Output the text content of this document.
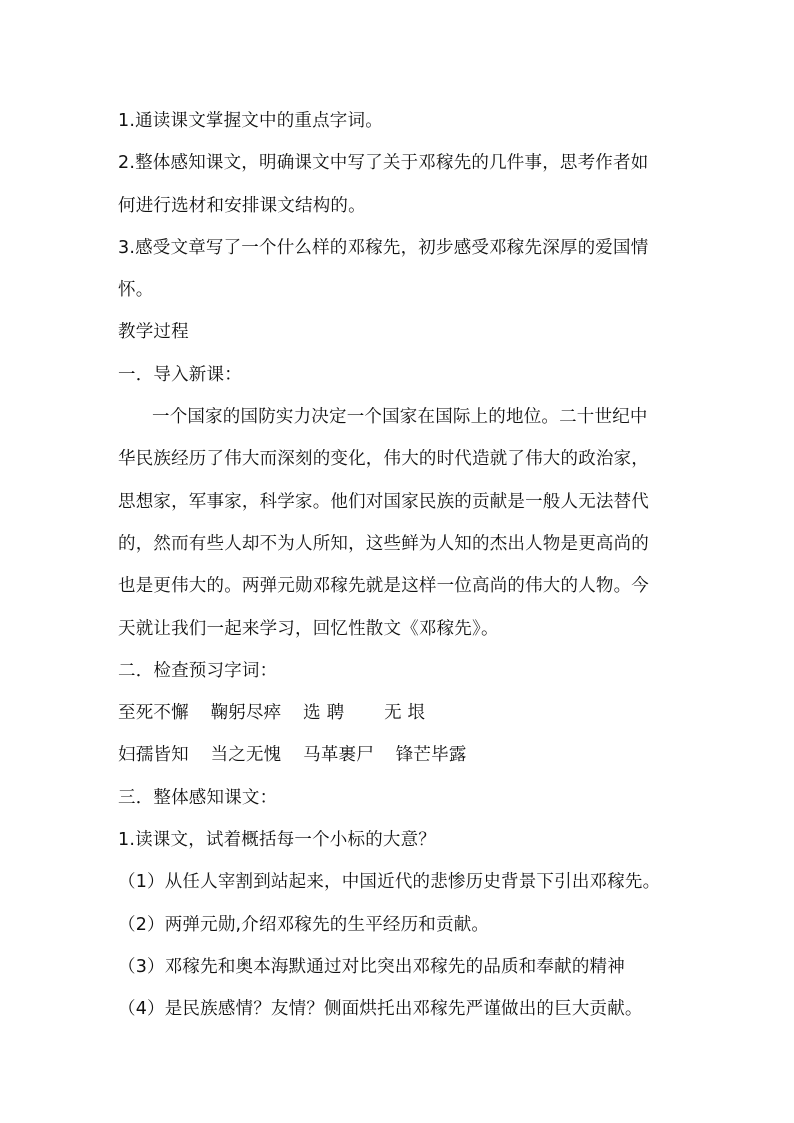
1.通读课文掌握文中的重点字词。
2.整体感知课文，明确课文中写了关于邓稼先的几件事，思考作者如
何进行选材和安排课文结构的。
3.感受文章写了一个什么样的邓稼先，初步感受邓稼先深厚的爱国情
怀。
教学过程
一．导入新课：
一个国家的国防实力决定一个国家在国际上的地位。二十世纪中
华民族经历了伟大而深刻的变化，伟大的时代造就了伟大的政治家，
思想家，军事家，科学家。他们对国家民族的贡献是一般人无法替代
的，然而有些人却不为人所知，这些鲜为人知的杰出人物是更高尚的
也是更伟大的。两弹元勋邓稼先就是这样一位高尚的伟大的人物。今
天就让我们一起来学习，回忆性散文《邓稼先》。
二．检查预习字词：
至死不懈 鞠躬尽瘁 选 聘 无 垠
妇孺皆知 当之无愧 马革裹尸 锋芒毕露
三．整体感知课文：
1.读课文，试着概括每一个小标的大意？
（1）从任人宰割到站起来，中国近代的悲惨历史背景下引出邓稼先。
（2）两弹元勋,介绍邓稼先的生平经历和贡献。
（3）邓稼先和奥本海默通过对比突出邓稼先的品质和奉献的精神
（4）是民族感情？友情？侧面烘托出邓稼先严谨做出的巨大贡献。
